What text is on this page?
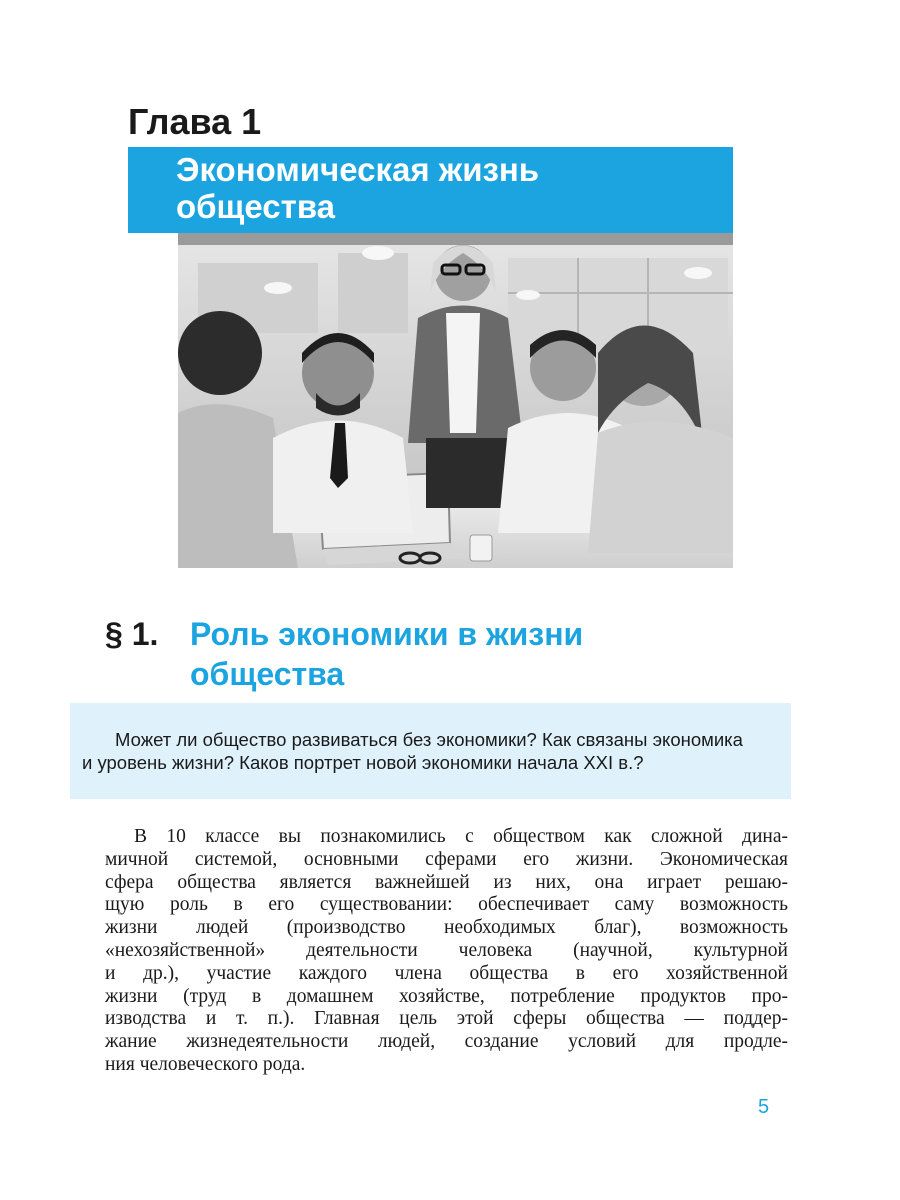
Глава 1
Экономическая жизнь
общества
§ 1. Роль экономики в жизни
общества
Может ли общество развиваться без экономики? Как связаны экономика
и уровень жизни? Каков портрет новой экономики начала XXI в.?
В 10 классе вы познакомились с обществом как сложной дина-
мичной системой, основными сферами его жизни. Экономическая
сфера общества является важнейшей из них, она играет решаю-
щую роль в его существовании: обеспечивает саму возможность
жизни людей (производство необходимых благ), возможность
«нехозяйственной» деятельности человека (научной, культурной
и др.), участие каждого члена общества в его хозяйственной
жизни (труд в домашнем хозяйстве, потребление продуктов про-
изводства и т. п.). Главная цель этой сферы общества — поддер-
жание жизнедеятельности людей, создание условий для продле-
ния человеческого рода.
5
